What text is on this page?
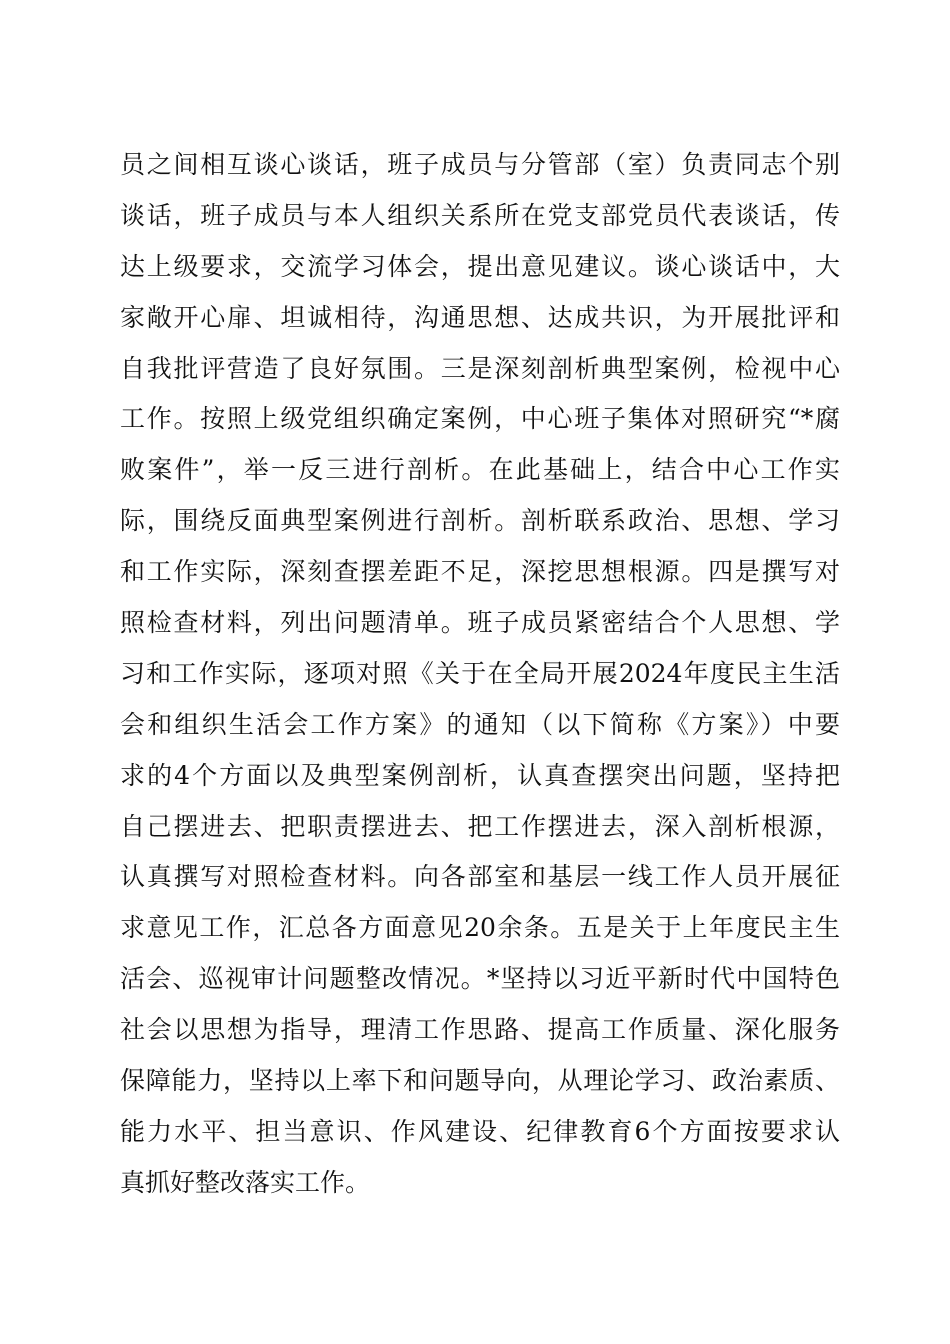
员之间相互谈心谈话，班子成员与分管部（室）负责同志个别
谈话，班子成员与本人组织关系所在党支部党员代表谈话，传
达上级要求，交流学习体会，提出意见建议。谈心谈话中，大
家敞开心扉、坦诚相待，沟通思想、达成共识，为开展批评和
自我批评营造了良好氛围。三是深刻剖析典型案例，检视中心
工作。按照上级党组织确定案例，中心班子集体对照研究“*腐
败案件”，举一反三进行剖析。在此基础上，结合中心工作实
际，围绕反面典型案例进行剖析。剖析联系政治、思想、学习
和工作实际，深刻查摆差距不足，深挖思想根源。四是撰写对
照检查材料，列出问题清单。班子成员紧密结合个人思想、学
习和工作实际，逐项对照《关于在全局开展2024年度民主生活
会和组织生活会工作方案》的通知（以下简称《方案》）中要
求的4个方面以及典型案例剖析，认真查摆突出问题，坚持把
自己摆进去、把职责摆进去、把工作摆进去，深入剖析根源，
认真撰写对照检查材料。向各部室和基层一线工作人员开展征
求意见工作，汇总各方面意见20余条。五是关于上年度民主生
活会、巡视审计问题整改情况。*坚持以习近平新时代中国特色
社会以思想为指导，理清工作思路、提高工作质量、深化服务
保障能力，坚持以上率下和问题导向，从理论学习、政治素质、
能力水平、担当意识、作风建设、纪律教育6个方面按要求认
真抓好整改落实工作。
